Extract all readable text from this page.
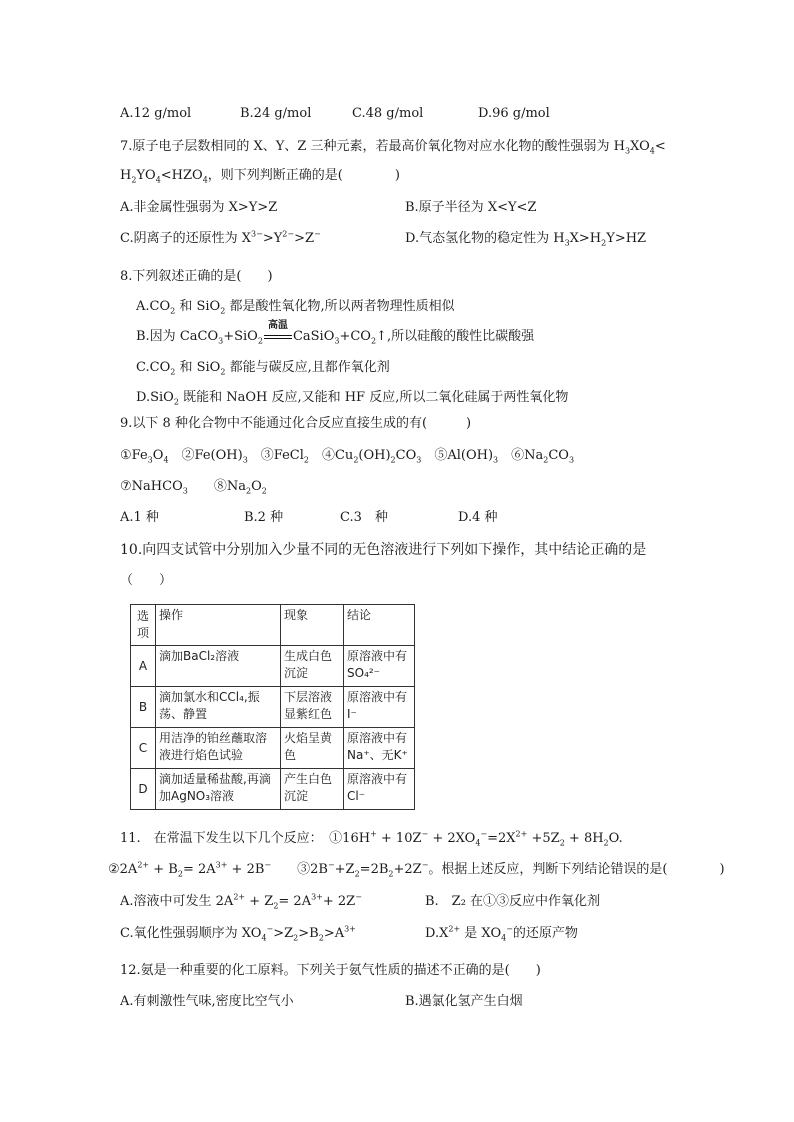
A.12 g/mol	B.24 g/mol	C.48 g/mol	D.96 g/mol
7.原子电子层数相同的 X、Y、Z 三种元素，若最高价氧化物对应水化物的酸性强弱为 $H_3XO_4<$
$H_2YO_4<HZO_4$，则下列判断正确的是(　　　　)
A.非金属性强弱为 X>Y>Z	B.原子半径为 X<Y<Z
C.阴离子的还原性为 $X^{3-}>Y^{2-}>Z^-$	D.气态氢化物的稳定性为 $H_3X>H_2Y>HZ$
8.下列叙述正确的是(　　)
$A.CO_2$ 和 SiO$_2$ 都是酸性氧化物,所以两者物理性质相似
B.因为 CaCO$_3$+SiO$_2$
高温
$CaSiO_3+CO_2↑$,所以硅酸的酸性比碳酸强
$C.CO_2$ 和 SiO$_2$ 都能与碳反应,且都作氧化剂
D.SiO$_2$ 既能和 NaOH 反应,又能和 HF 反应,所以二氧化硅属于两性氧化物
9.以下 8 种化合物中不能通过化合反应直接生成的有(　　　)
$①Fe_3O_4$　$②Fe(OH)_3$　③FeCl$_2$　$④Cu_2(OH)_2CO_3$　$⑤Al(OH)_3$　$⑥Na_2CO_3$
⑦NaHCO$_3$　　$⑧Na_2O_2$
A.1 种	B.2 种	C.3　种	D.4 种
10.向四支试管中分别加入少量不同的无色溶液进行下列如下操作，其中结论正确的是
（　　）
选项	操作	现象	结论
A	滴加BaCl₂溶液	生成白色沉淀	原溶液中有SO₄²⁻
B	滴加氯水和CCl₄,振荡、静置	下层溶液显紫红色	原溶液中有I⁻
C	用洁净的铂丝蘸取溶液进行焰色试验	火焰呈黄色	原溶液中有Na⁺、无K⁺
D	滴加适量稀盐酸,再滴加AgNO₃溶液	产生白色沉淀	原溶液中有Cl⁻
11.　在常温下发生以下几个反应：　①16H+ + $10Z^- + 2XO_4^-=2X^{2+} +5Z_2 + 8H_2O$.
$②2A^{2+} + B_2= 2A^{3+} + 2B^-$　　$③2B^-+Z_2=2B_2+2Z^-$。根据上述反应，判断下列结论错误的是(　　　　)
A.溶液中可发生 $2A^{2+} + Z_2= 2A^{3+}+ 2Z^-$	B.　Z₂ 在①③反应中作氧化剂
C.氧化性强弱顺序为 $XO_4^->Z_2>B_2>A^{3+}$	$D.X^{2+}$ 是 $XO_4^-$的还原产物
12.氨是一种重要的化工原料。下列关于氨气性质的描述不正确的是(　　)
A.有刺激性气味,密度比空气小	B.遇氯化氢产生白烟
